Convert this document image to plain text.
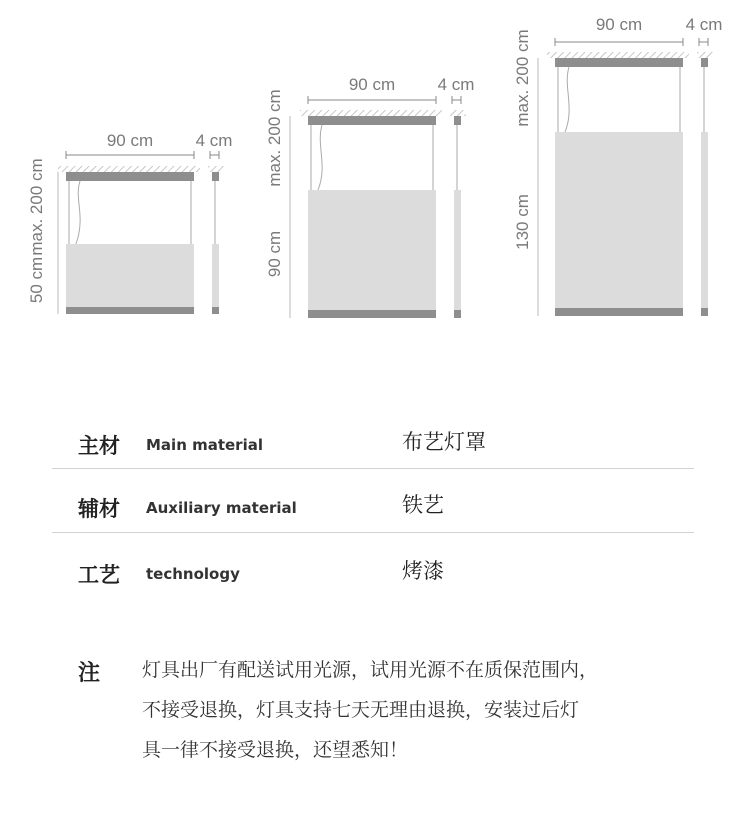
90 cm 4 cm
max. 200 cm
50 cm
90 cm 4 cm
max. 200 cm
90 cm
90 cm	4 cm
max. 200 cm
130 cm
主材 Main material	布艺灯罩
辅材 Auxiliary material	铁艺
工艺 technology	烤漆
注 灯具出厂有配送试用光源，试用光源不在质保范围内，
不接受退换，灯具支持七天无理由退换，安装过后灯
具一律不接受退换，还望悉知！
